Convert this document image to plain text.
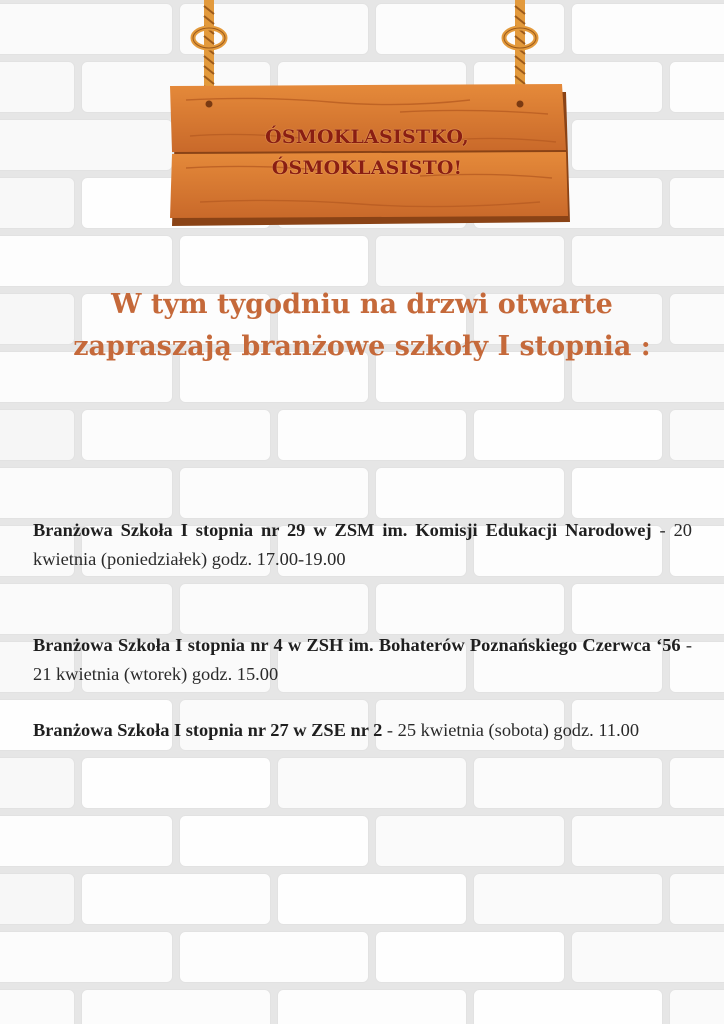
ÓSMOKLASISTKO,
ÓSMOKLASISTO!
W tym tygodniu na drzwi otwarte
zapraszają branżowe szkoły I stopnia :

Branżowa Szkoła I stopnia nr 29 w ZSM im. Komisji Edukacji Narodowej - 20 kwietnia (poniedziałek) godz. 17.00-19.00

Branżowa Szkoła I stopnia nr 4 w ZSH im. Bohaterów Poznańskiego Czerwca ‘56 - 21 kwietnia (wtorek) godz. 15.00

Branżowa Szkoła I stopnia nr 27 w ZSE nr 2 - 25 kwietnia (sobota) godz. 11.00
